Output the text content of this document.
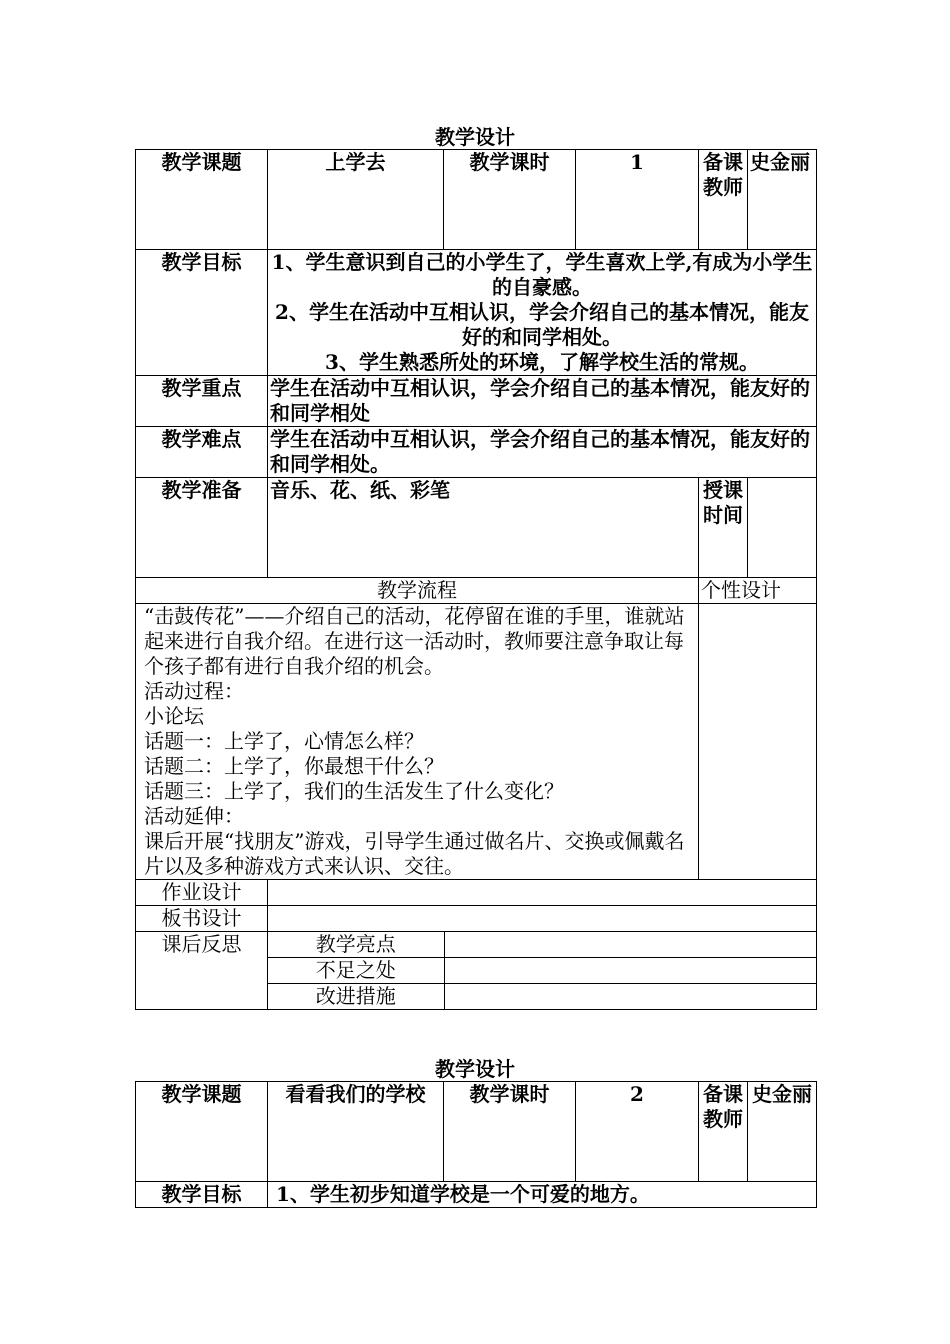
教学设计
教学课题	上学去	教学课时	1	备课教师	史金丽
教学目标	1、学生意识到自己的小学生了，学生喜欢上学,有成为小学生的自豪感。

2、学生在活动中互相认识，学会介绍自己的基本情况，能友好的和同学相处。

3、学生熟悉所处的环境，了解学校生活的常规。

教学重点	学生在活动中互相认识，学会介绍自己的基本情况，能友好的和同学相处
教学难点	学生在活动中互相认识，学会介绍自己的基本情况，能友好的和同学相处。
教学准备	音乐、花、纸、彩笔	授课时间	
教学流程	个性设计

“击鼓传花”——介绍自己的活动，花停留在谁的手里，谁就站起来进行自我介绍。在进行这一活动时，教师要注意争取让每个孩子都有进行自我介绍的机会。

活动过程：

小论坛

话题一：上学了，心情怎么样？

话题二：上学了，你最想干什么？

话题三：上学了，我们的生活发生了什么变化？

活动延伸：

课后开展“找朋友”游戏，引导学生通过做名片、交换或佩戴名片以及多种游戏方式来认识、交往。

作业设计	
板书设计	
课后反思		教学亮点	
不足之处	
改进措施	
教学设计
教学课题	看看我们的学校	教学课时	2	备课教师	史金丽
教学目标	1、学生初步知道学校是一个可爱的地方。				
